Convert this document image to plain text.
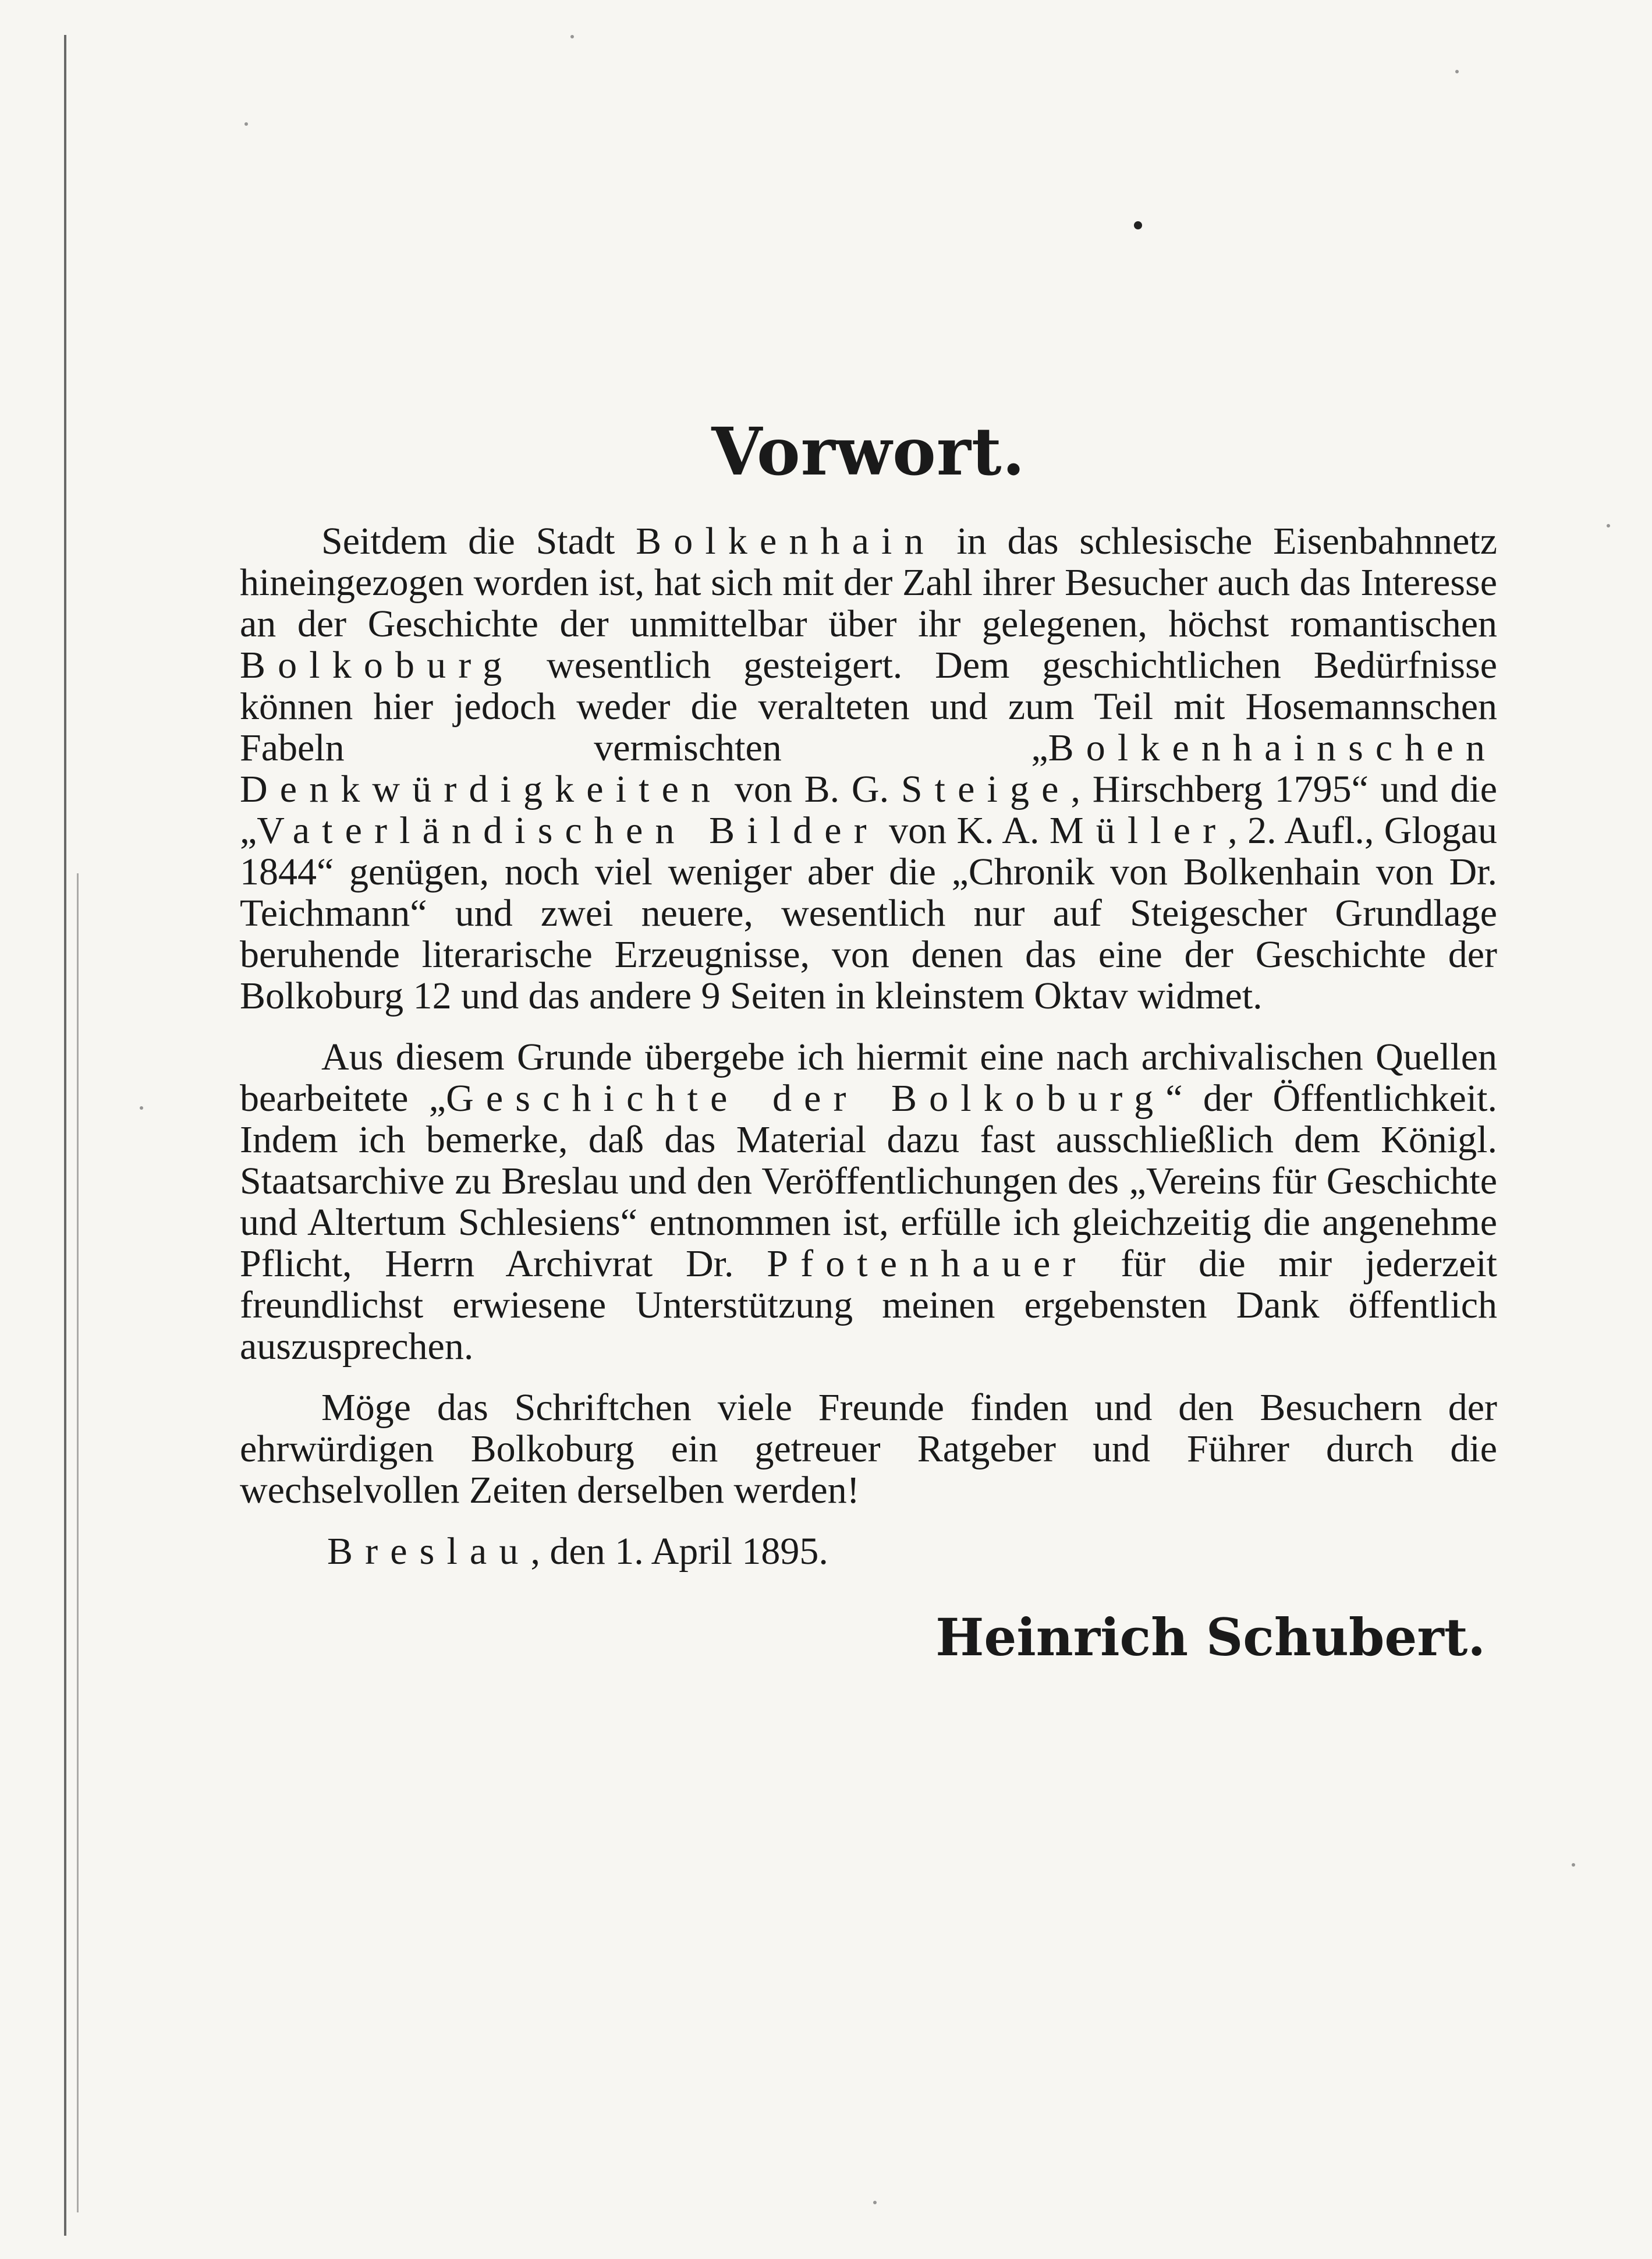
Vorwort.

Seitdem die Stadt Bolkenhain in das schlesische Eisenbahnnetz hineingezogen worden ist, hat sich mit der Zahl ihrer Besucher auch das Interesse an der Geschichte der unmittelbar über ihr gelegenen, höchst romantischen Bolkoburg wesentlich gesteigert. Dem geschichtlichen Bedürfnisse können hier jedoch weder die veralteten und zum Teil mit Hosemannschen Fabeln vermischten „Bolkenhainschen Denkwürdigkeiten von B. G. Steige, Hirschberg 1795“ und die „Vaterländischen Bilder von K. A. Müller, 2. Aufl., Glogau 1844“ genügen, noch viel weniger aber die „Chronik von Bolkenhain von Dr. Teichmann“ und zwei neuere, wesentlich nur auf Steigescher Grundlage beruhende literarische Erzeugnisse, von denen das eine der Geschichte der Bolkoburg 12 und das andere 9 Seiten in kleinstem Oktav widmet.

Aus diesem Grunde übergebe ich hiermit eine nach archivalischen Quellen bearbeitete „Geschichte der Bolkoburg“ der Öffentlichkeit. Indem ich bemerke, daß das Material dazu fast ausschließlich dem Königl. Staatsarchive zu Breslau und den Veröffentlichungen des „Vereins für Geschichte und Altertum Schlesiens“ entnommen ist, erfülle ich gleichzeitig die angenehme Pflicht, Herrn Archivrat Dr. Pfotenhauer für die mir jederzeit freundlichst erwiesene Unterstützung meinen ergebensten Dank öffentlich auszusprechen.

Möge das Schriftchen viele Freunde finden und den Besuchern der ehrwürdigen Bolkoburg ein getreuer Ratgeber und Führer durch die wechselvollen Zeiten derselben werden!

Breslau, den 1. April 1895.

Heinrich Schubert.
